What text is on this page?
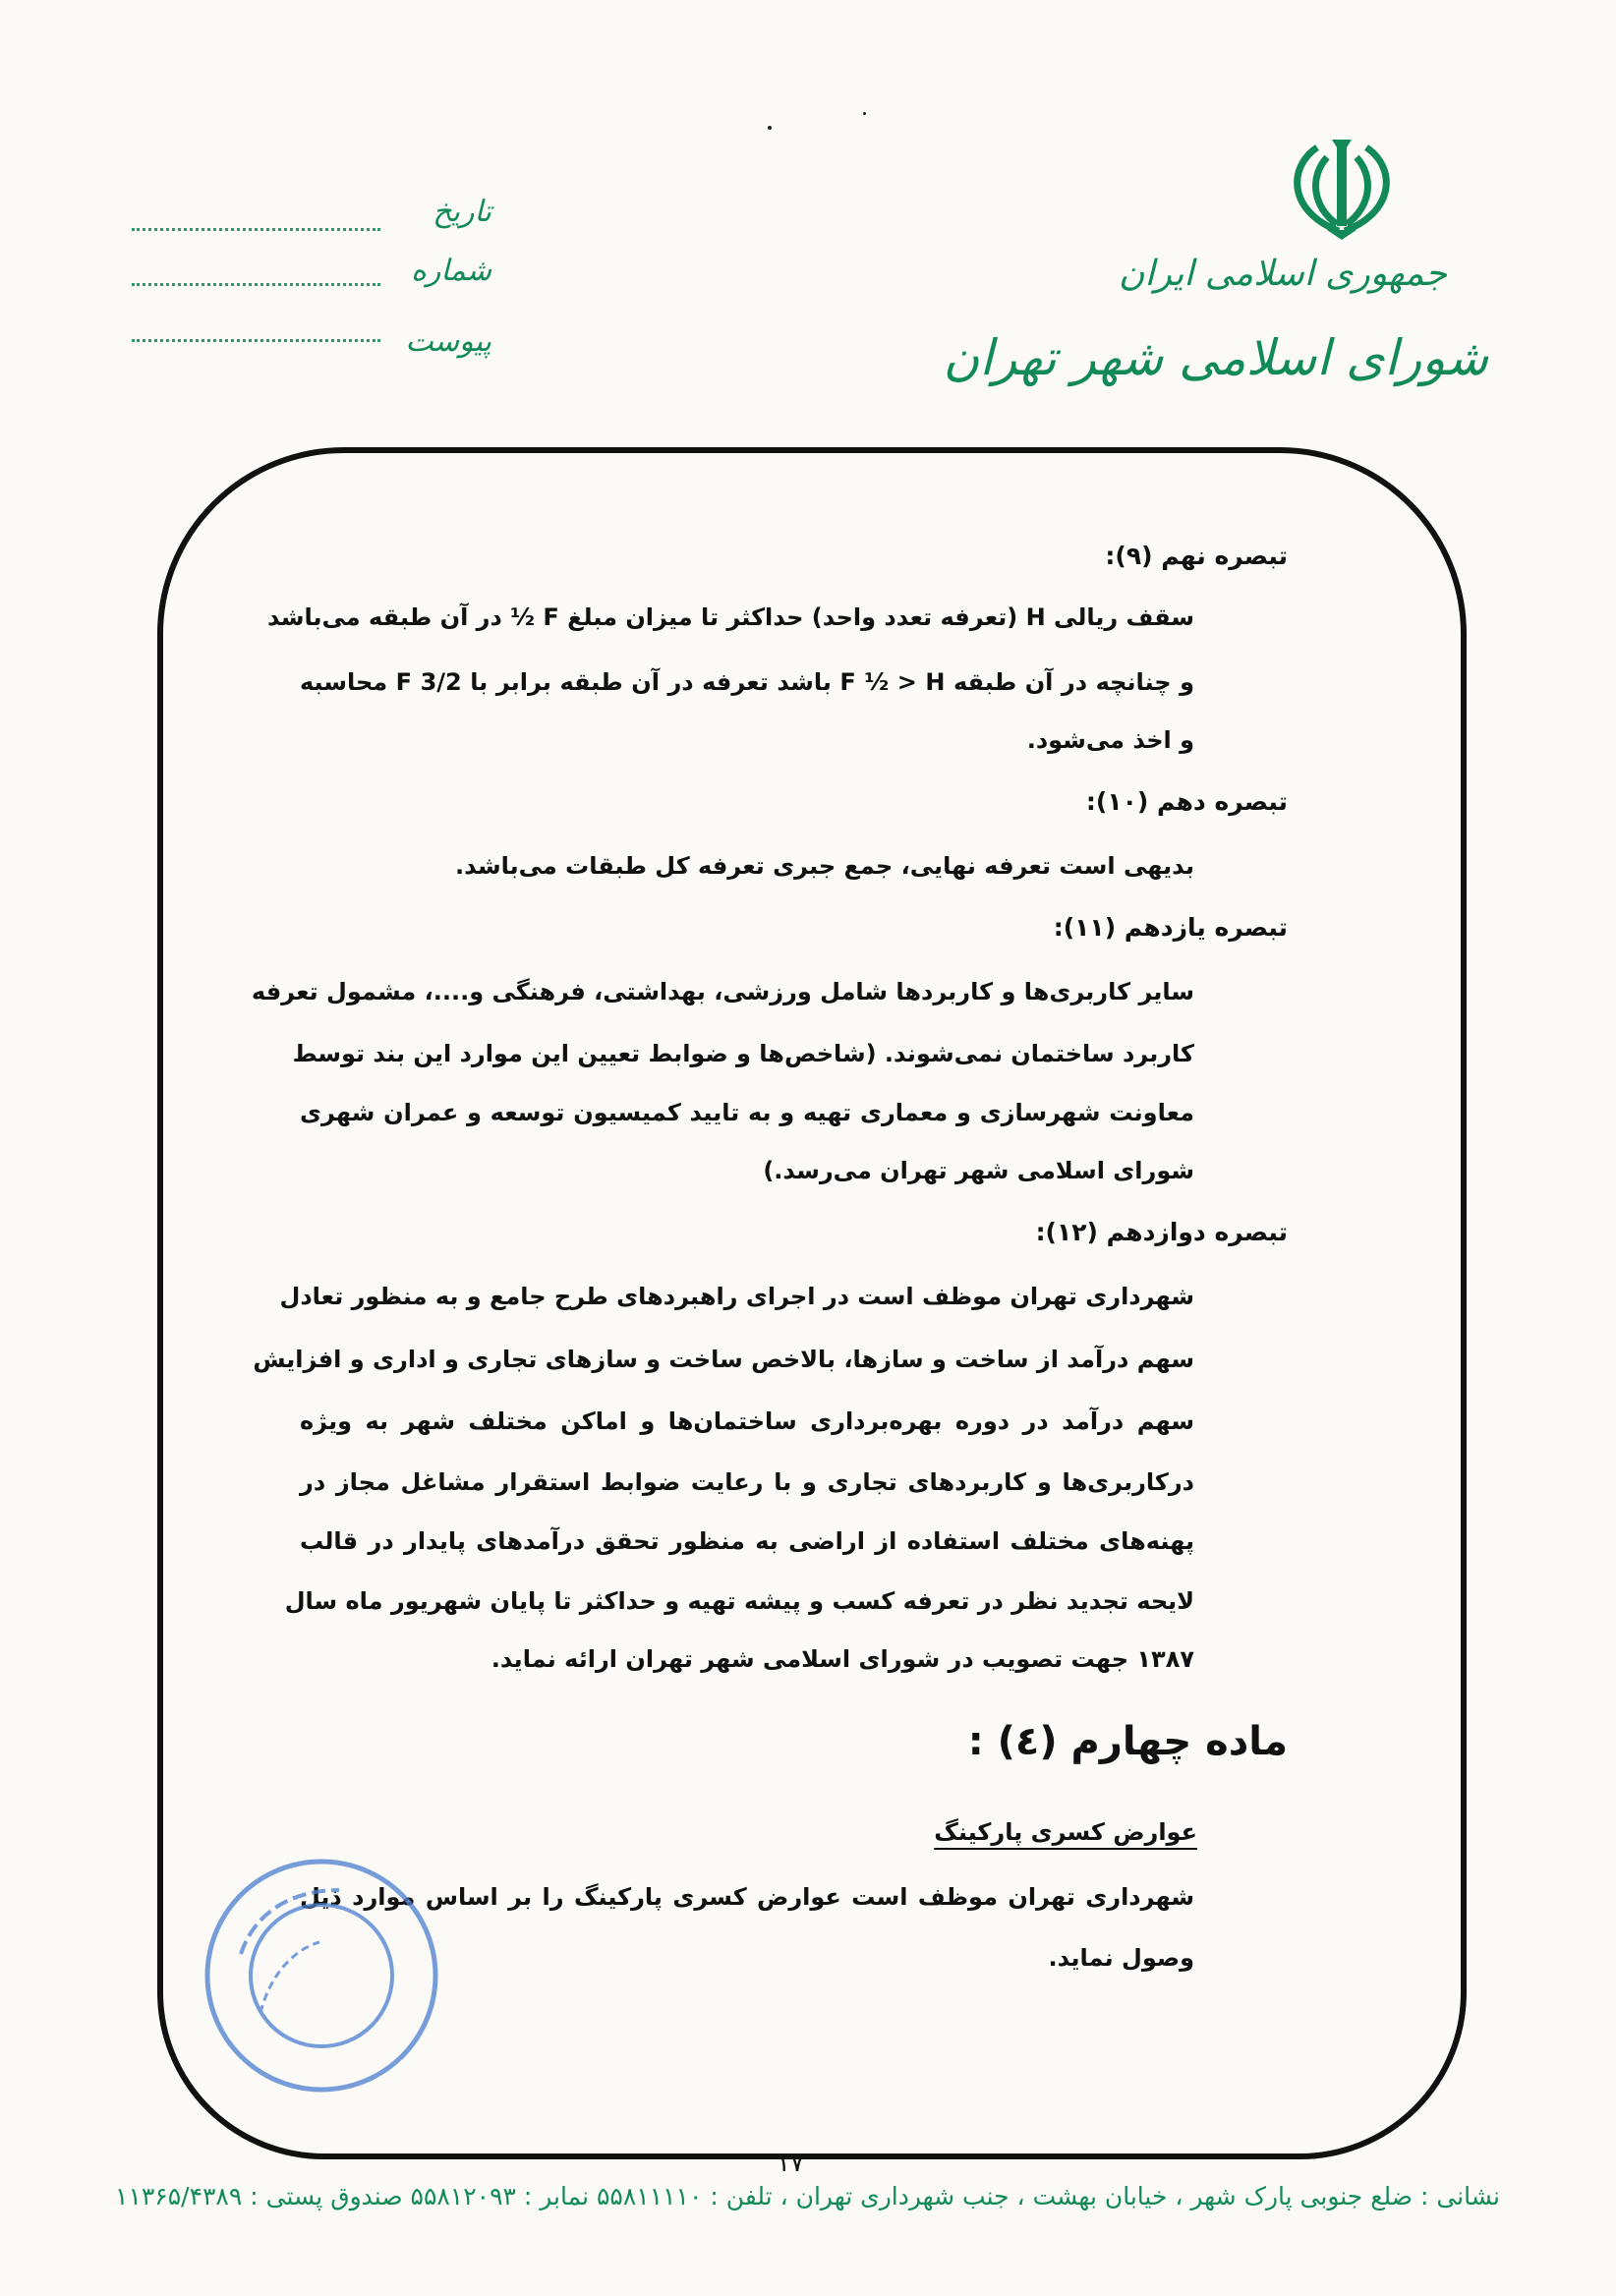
جمهوری اسلامی ایران
شورای اسلامی شهر تهران
تاریخ
شماره
پیوست
تبصره نهم (۹):
سقف ریالی H (تعرفه تعدد واحد) حداکثر تا میزان مبلغ F ½ در آن طبقه می‌باشد
و چنانچه در آن طبقه F ½ > H باشد تعرفه در آن طبقه برابر با F 3/2 محاسبه
و اخذ می‌شود.
تبصره دهم (۱۰):
بدیهی است تعرفه نهایی، جمع جبری تعرفه کل طبقات می‌باشد.
تبصره یازدهم (۱۱):
سایر کاربری‌ها و کاربردها شامل ورزشی، بهداشتی، فرهنگی و....، مشمول تعرفه
کاربرد ساختمان نمی‌شوند. (شاخص‌ها و ضوابط تعیین این موارد این بند توسط
معاونت شهرسازی و معماری تهیه و به تایید کمیسیون توسعه و عمران شهری
شورای اسلامی شهر تهران می‌رسد.)
تبصره دوازدهم (۱۲):
شهرداری تهران موظف است در اجرای راهبردهای طرح جامع و به منظور تعادل
سهم درآمد از ساخت و سازها، بالاخص ساخت و سازهای تجاری و اداری و افزایش
سهم درآمد در دوره بهره‌برداری ساختمان‌ها و اماکن مختلف شهر به ویژه
درکاربری‌ها و کاربردهای تجاری و با رعایت ضوابط استقرار مشاغل مجاز در
پهنه‌های مختلف استفاده از اراضی به منظور تحقق درآمدهای پایدار در قالب
لایحه تجدید نظر در تعرفه کسب و پیشه تهیه و حداکثر تا پایان شهریور ماه سال
۱۳۸۷ جهت تصویب در شورای اسلامی شهر تهران ارائه نماید.
ماده چهارم (٤) :
عوارض کسری پارکینگ
شهرداری تهران موظف است عوارض کسری پارکینگ را بر اساس موارد ذیل
وصول نماید.
۱۷
نشانی : ضلع جنوبی پارک شهر ، خیابان بهشت ، جنب شهرداری تهران ، تلفن : ۵۵۸۱۱۱۱۰ نمابر : ۵۵۸۱۲۰۹۳ صندوق پستی : ۱۱۳۶۵/۴۳۸۹
